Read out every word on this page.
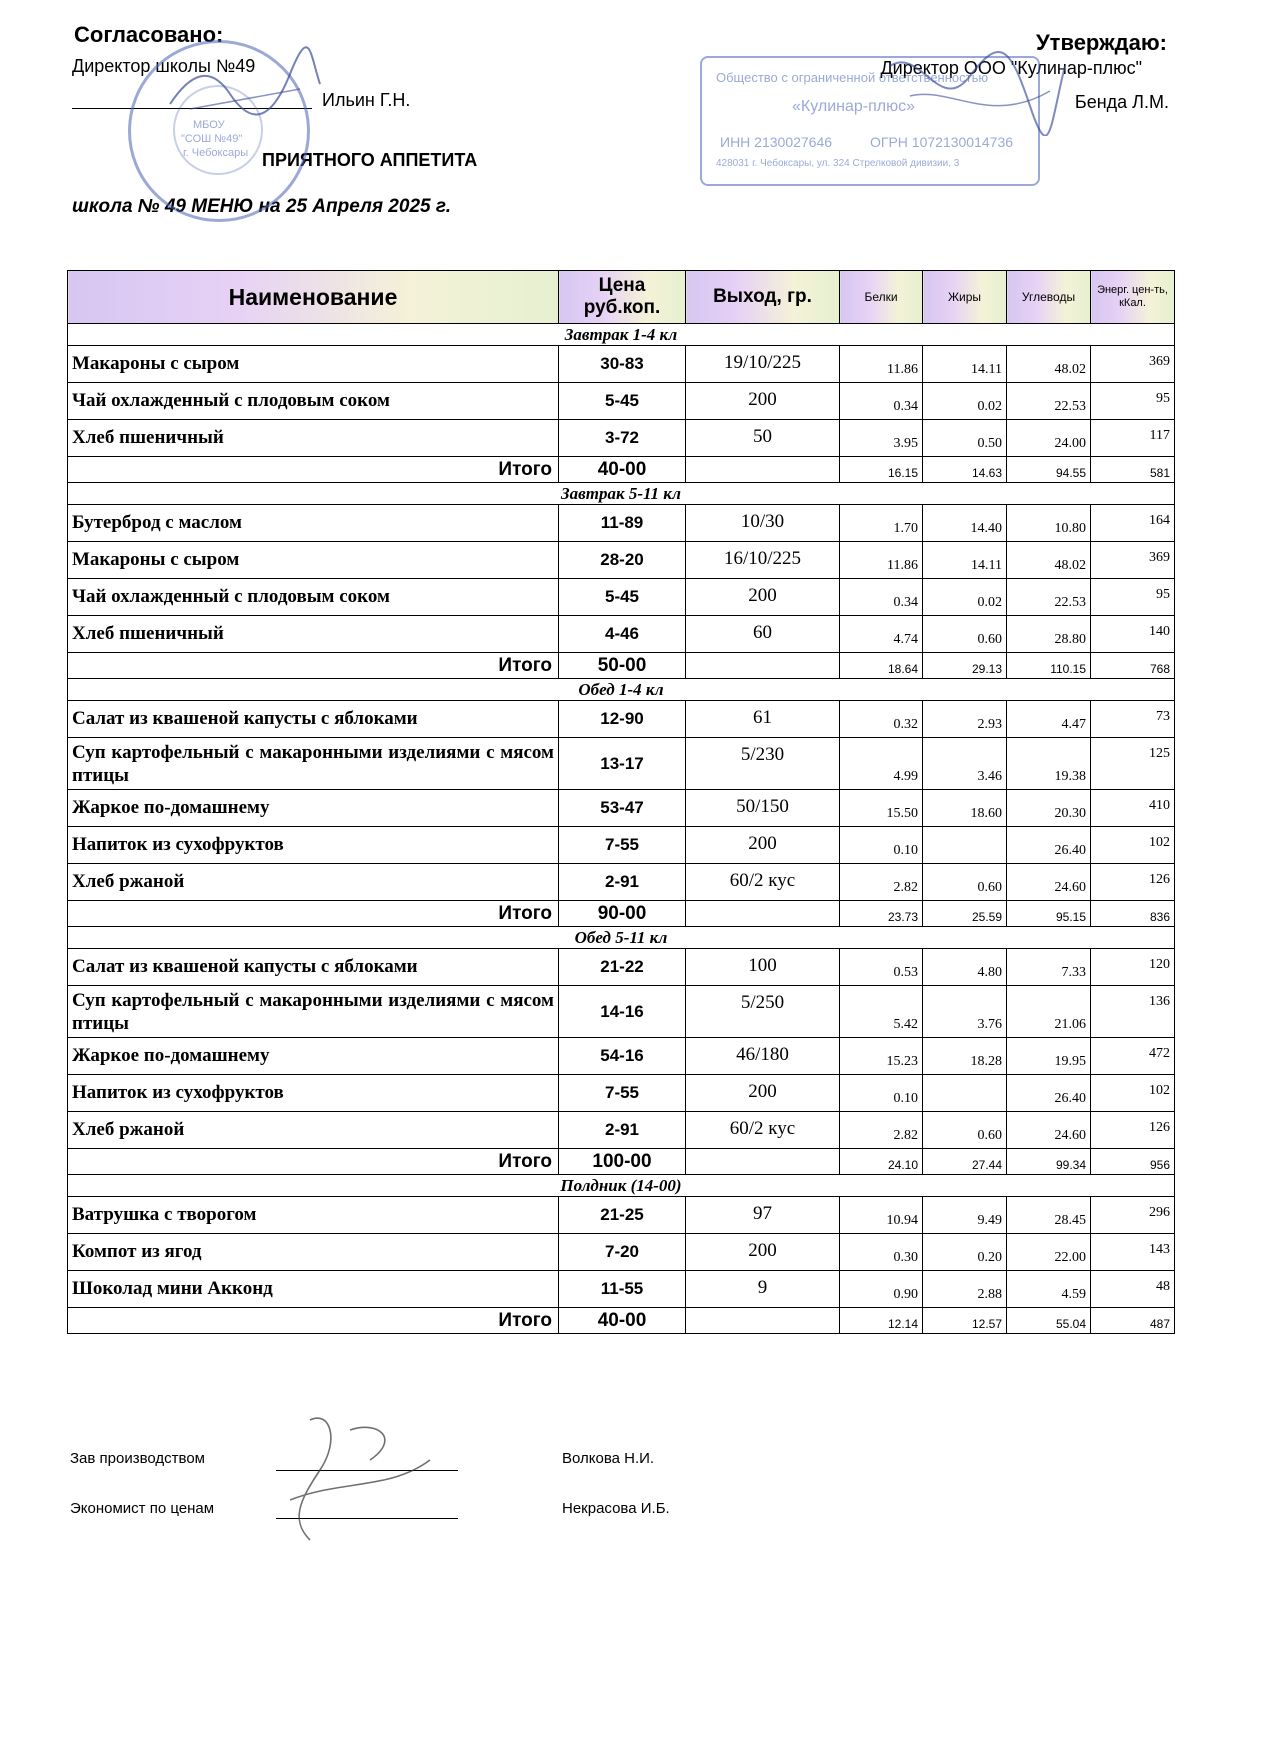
Согласовано:
Директор школы №49
Ильин Г.Н.
Утверждаю:
Директор ООО "Кулинар-плюс"
Бенда Л.М.
ПРИЯТНОГО АППЕТИТА
школа № 49 МЕНЮ на 25 Апреля 2025 г.
МБОУ
"СОШ №49"
г. Чебоксары
Общество с ограниченной ответственностью
«Кулинар-плюс»
ИНН 2130027646	ОГРН 1072130014736
428031 г. Чебоксары, ул. 324 Стрелковой дивизии, 3
Наименование	Цена руб.коп.	Выход, гр.	Белки	Жиры	Углеводы	Энерг. цен-ть, кКал.
Завтрак 1-4 кл						
Макароны с сыром	30-83	19/10/225	11.86	14.11	48.02	369
Чай охлажденный с плодовым соком	5-45	200	0.34	0.02	22.53	95
Хлеб пшеничный	3-72	50	3.95	0.50	24.00	117
Итого	40-00		16.15	14.63	94.55	581
Завтрак 5-11 кл						
Бутерброд с маслом	11-89	10/30	1.70	14.40	10.80	164
Макароны с сыром	28-20	16/10/225	11.86	14.11	48.02	369
Чай охлажденный с плодовым соком	5-45	200	0.34	0.02	22.53	95
Хлеб пшеничный	4-46	60	4.74	0.60	28.80	140
Итого	50-00		18.64	29.13	110.15	768
Обед 1-4 кл						
Салат из квашеной капусты с яблоками	12-90	61	0.32	2.93	4.47	73
Суп картофельный с макаронными изделиями с мясом птицы	13-17	5/230	4.99	3.46	19.38	125
Жаркое по-домашнему	53-47	50/150	15.50	18.60	20.30	410
Напиток из сухофруктов	7-55	200	0.10		26.40	102
Хлеб ржаной	2-91	60/2 кус	2.82	0.60	24.60	126
Итого	90-00		23.73	25.59	95.15	836
Обед 5-11 кл						
Салат из квашеной капусты с яблоками	21-22	100	0.53	4.80	7.33	120
Суп картофельный с макаронными изделиями с мясом птицы	14-16	5/250	5.42	3.76	21.06	136
Жаркое по-домашнему	54-16	46/180	15.23	18.28	19.95	472
Напиток из сухофруктов	7-55	200	0.10		26.40	102
Хлеб ржаной	2-91	60/2 кус	2.82	0.60	24.60	126
Итого	100-00		24.10	27.44	99.34	956
Полдник (14-00)						
Ватрушка с творогом	21-25	97	10.94	9.49	28.45	296
Компот из ягод	7-20	200	0.30	0.20	22.00	143
Шоколад мини Акконд	11-55	9	0.90	2.88	4.59	48
Итого	40-00		12.14	12.57	55.04	487
Зав производством	Волкова Н.И.
Экономист по ценам	Некрасова И.Б.
